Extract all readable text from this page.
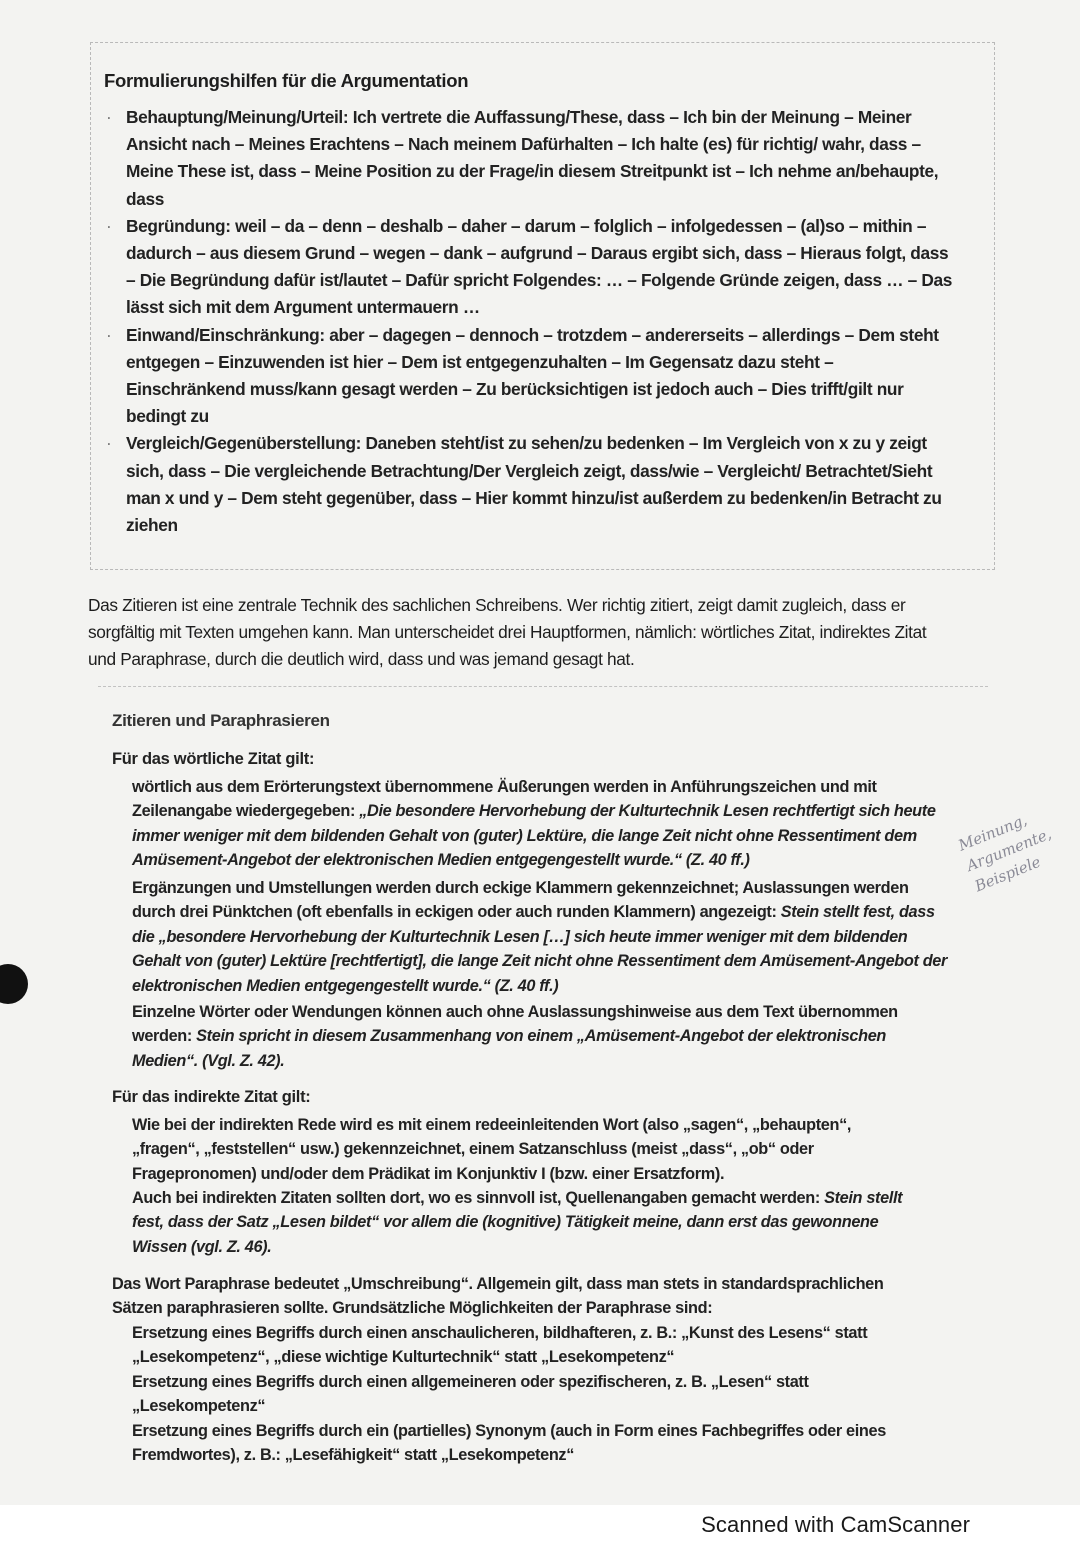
Formulierungshilfen für die Argumentation
· Behauptung/Meinung/Urteil: Ich vertrete die Auffassung/These, dass – Ich bin der Meinung – Meiner Ansicht nach – Meines Erachtens – Nach meinem Dafürhalten – Ich halte (es) für richtig/ wahr, dass – Meine These ist, dass – Meine Position zu der Frage/in diesem Streitpunkt ist – Ich nehme an/behaupte, dass
· Begründung: weil – da – denn – deshalb – daher – darum – folglich – infolgedessen – (al)so – mithin – dadurch – aus diesem Grund – wegen – dank – aufgrund – Daraus ergibt sich, dass – Hieraus folgt, dass – Die Begründung dafür ist/lautet – Dafür spricht Folgendes: … – Folgende Gründe zeigen, dass … – Das lässt sich mit dem Argument untermauern …
· Einwand/Einschränkung: aber – dagegen – dennoch – trotzdem – andererseits – allerdings – Dem steht entgegen – Einzuwenden ist hier – Dem ist entgegenzuhalten – Im Gegensatz dazu steht – Einschränkend muss/kann gesagt werden – Zu berücksichtigen ist jedoch auch – Dies trifft/gilt nur bedingt zu
· Vergleich/Gegenüberstellung: Daneben steht/ist zu sehen/zu bedenken – Im Vergleich von x zu y zeigt sich, dass – Die vergleichende Betrachtung/Der Vergleich zeigt, dass/wie – Vergleicht/ Betrachtet/Sieht man x und y – Dem steht gegenüber, dass – Hier kommt hinzu/ist außerdem zu bedenken/in Betracht zu ziehen

Das Zitieren ist eine zentrale Technik des sachlichen Schreibens. Wer richtig zitiert, zeigt damit zugleich, dass er sorgfältig mit Texten umgehen kann. Man unterscheidet drei Hauptformen, nämlich: wörtliches Zitat, indirektes Zitat und Paraphrase, durch die deutlich wird, dass und was jemand gesagt hat.

Zitieren und Paraphrasieren

Für das wörtliche Zitat gilt:

wörtlich aus dem Erörterungstext übernommene Äußerungen werden in Anführungszeichen und mit Zeilenangabe wiedergegeben: „Die besondere Hervorhebung der Kulturtechnik Lesen rechtfertigt sich heute immer weniger mit dem bildenden Gehalt von (guter) Lektüre, die lange Zeit nicht ohne Ressentiment dem Amüsement-Angebot der elektronischen Medien entgegengestellt wurde.“ (Z. 40 ff.)

Ergänzungen und Umstellungen werden durch eckige Klammern gekennzeichnet; Auslassungen werden durch drei Pünktchen (oft ebenfalls in eckigen oder auch runden Klammern) angezeigt: Stein stellt fest, dass die „besondere Hervorhebung der Kulturtechnik Lesen […] sich heute immer weniger mit dem bildenden Gehalt von (guter) Lektüre [rechtfertigt], die lange Zeit nicht ohne Ressentiment dem Amüsement-Angebot der elektronischen Medien entgegengestellt wurde.“ (Z. 40 ff.)

Einzelne Wörter oder Wendungen können auch ohne Auslassungshinweise aus dem Text übernommen werden: Stein spricht in diesem Zusammenhang von einem „Amüsement-Angebot der elektronischen Medien“. (Vgl. Z. 42).

Für das indirekte Zitat gilt:

Wie bei der indirekten Rede wird es mit einem redeeinleitenden Wort (also „sagen“, „behaupten“, „fragen“, „feststellen“ usw.) gekennzeichnet, einem Satzanschluss (meist „dass“, „ob“ oder Fragepronomen) und/oder dem Prädikat im Konjunktiv I (bzw. einer Ersatzform).

Auch bei indirekten Zitaten sollten dort, wo es sinnvoll ist, Quellenangaben gemacht werden: Stein stellt fest, dass der Satz „Lesen bildet“ vor allem die (kognitive) Tätigkeit meine, dann erst das gewonnene Wissen (vgl. Z. 46).

Das Wort Paraphrase bedeutet „Umschreibung“. Allgemein gilt, dass man stets in standardsprachlichen Sätzen paraphrasieren sollte. Grundsätzliche Möglichkeiten der Paraphrase sind:

Ersetzung eines Begriffs durch einen anschaulicheren, bildhafteren, z. B.: „Kunst des Lesens“ statt „Lesekompetenz“, „diese wichtige Kulturtechnik“ statt „Lesekompetenz“

Ersetzung eines Begriffs durch einen allgemeineren oder spezifischeren, z. B. „Lesen“ statt „Lesekompetenz“

Ersetzung eines Begriffs durch ein (partielles) Synonym (auch in Form eines Fachbegriffes oder eines Fremdwortes), z. B.: „Lesefähigkeit“ statt „Lesekompetenz“

Meinung, Argumente, Beispiele

Scanned with CamScanner
